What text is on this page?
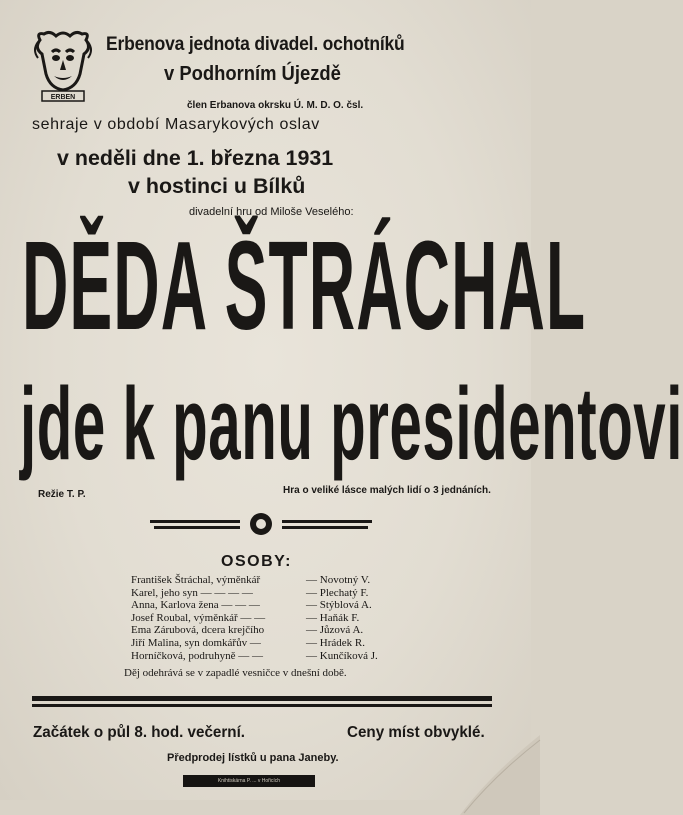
ERBEN
Erbenova jednota divadel. ochotníků
v Podhorním Újezdě
člen Erbanova okrsku Ú. M. D. O. čsl.
sehraje v období Masarykových oslav
v neděli dne 1. března 1931
v hostinci u Bílků
divadelní hru od Miloše Veselého:
DĚDA ŠTRÁCHAL
jde k panu presidentovi
Režie T. P.	Hra o veliké lásce malých lidí o 3 jednáních.
OSOBY:
František Štráchal, výměnkář	— Novotný V.
Karel, jeho syn — — — —	— Plechatý F.
Anna, Karlova žena — — —	— Stýblová A.
Josef Roubal, výměnkář — —	— Haňák F.
Ema Zárubová, dcera krejčího	— Jůzová A.
Jiří Malina, syn domkářův —	— Hrádek R.
Horníčková, podruhyně — —	— Kunčíková J.
Děj odehrává se v zapadlé vesničce v dnešní době.
Začátek o půl 8. hod. večerní.	Ceny míst obvyklé.
Předprodej lístků u pana Janeby.
Knihtiskárna P. ... v Hořicích
